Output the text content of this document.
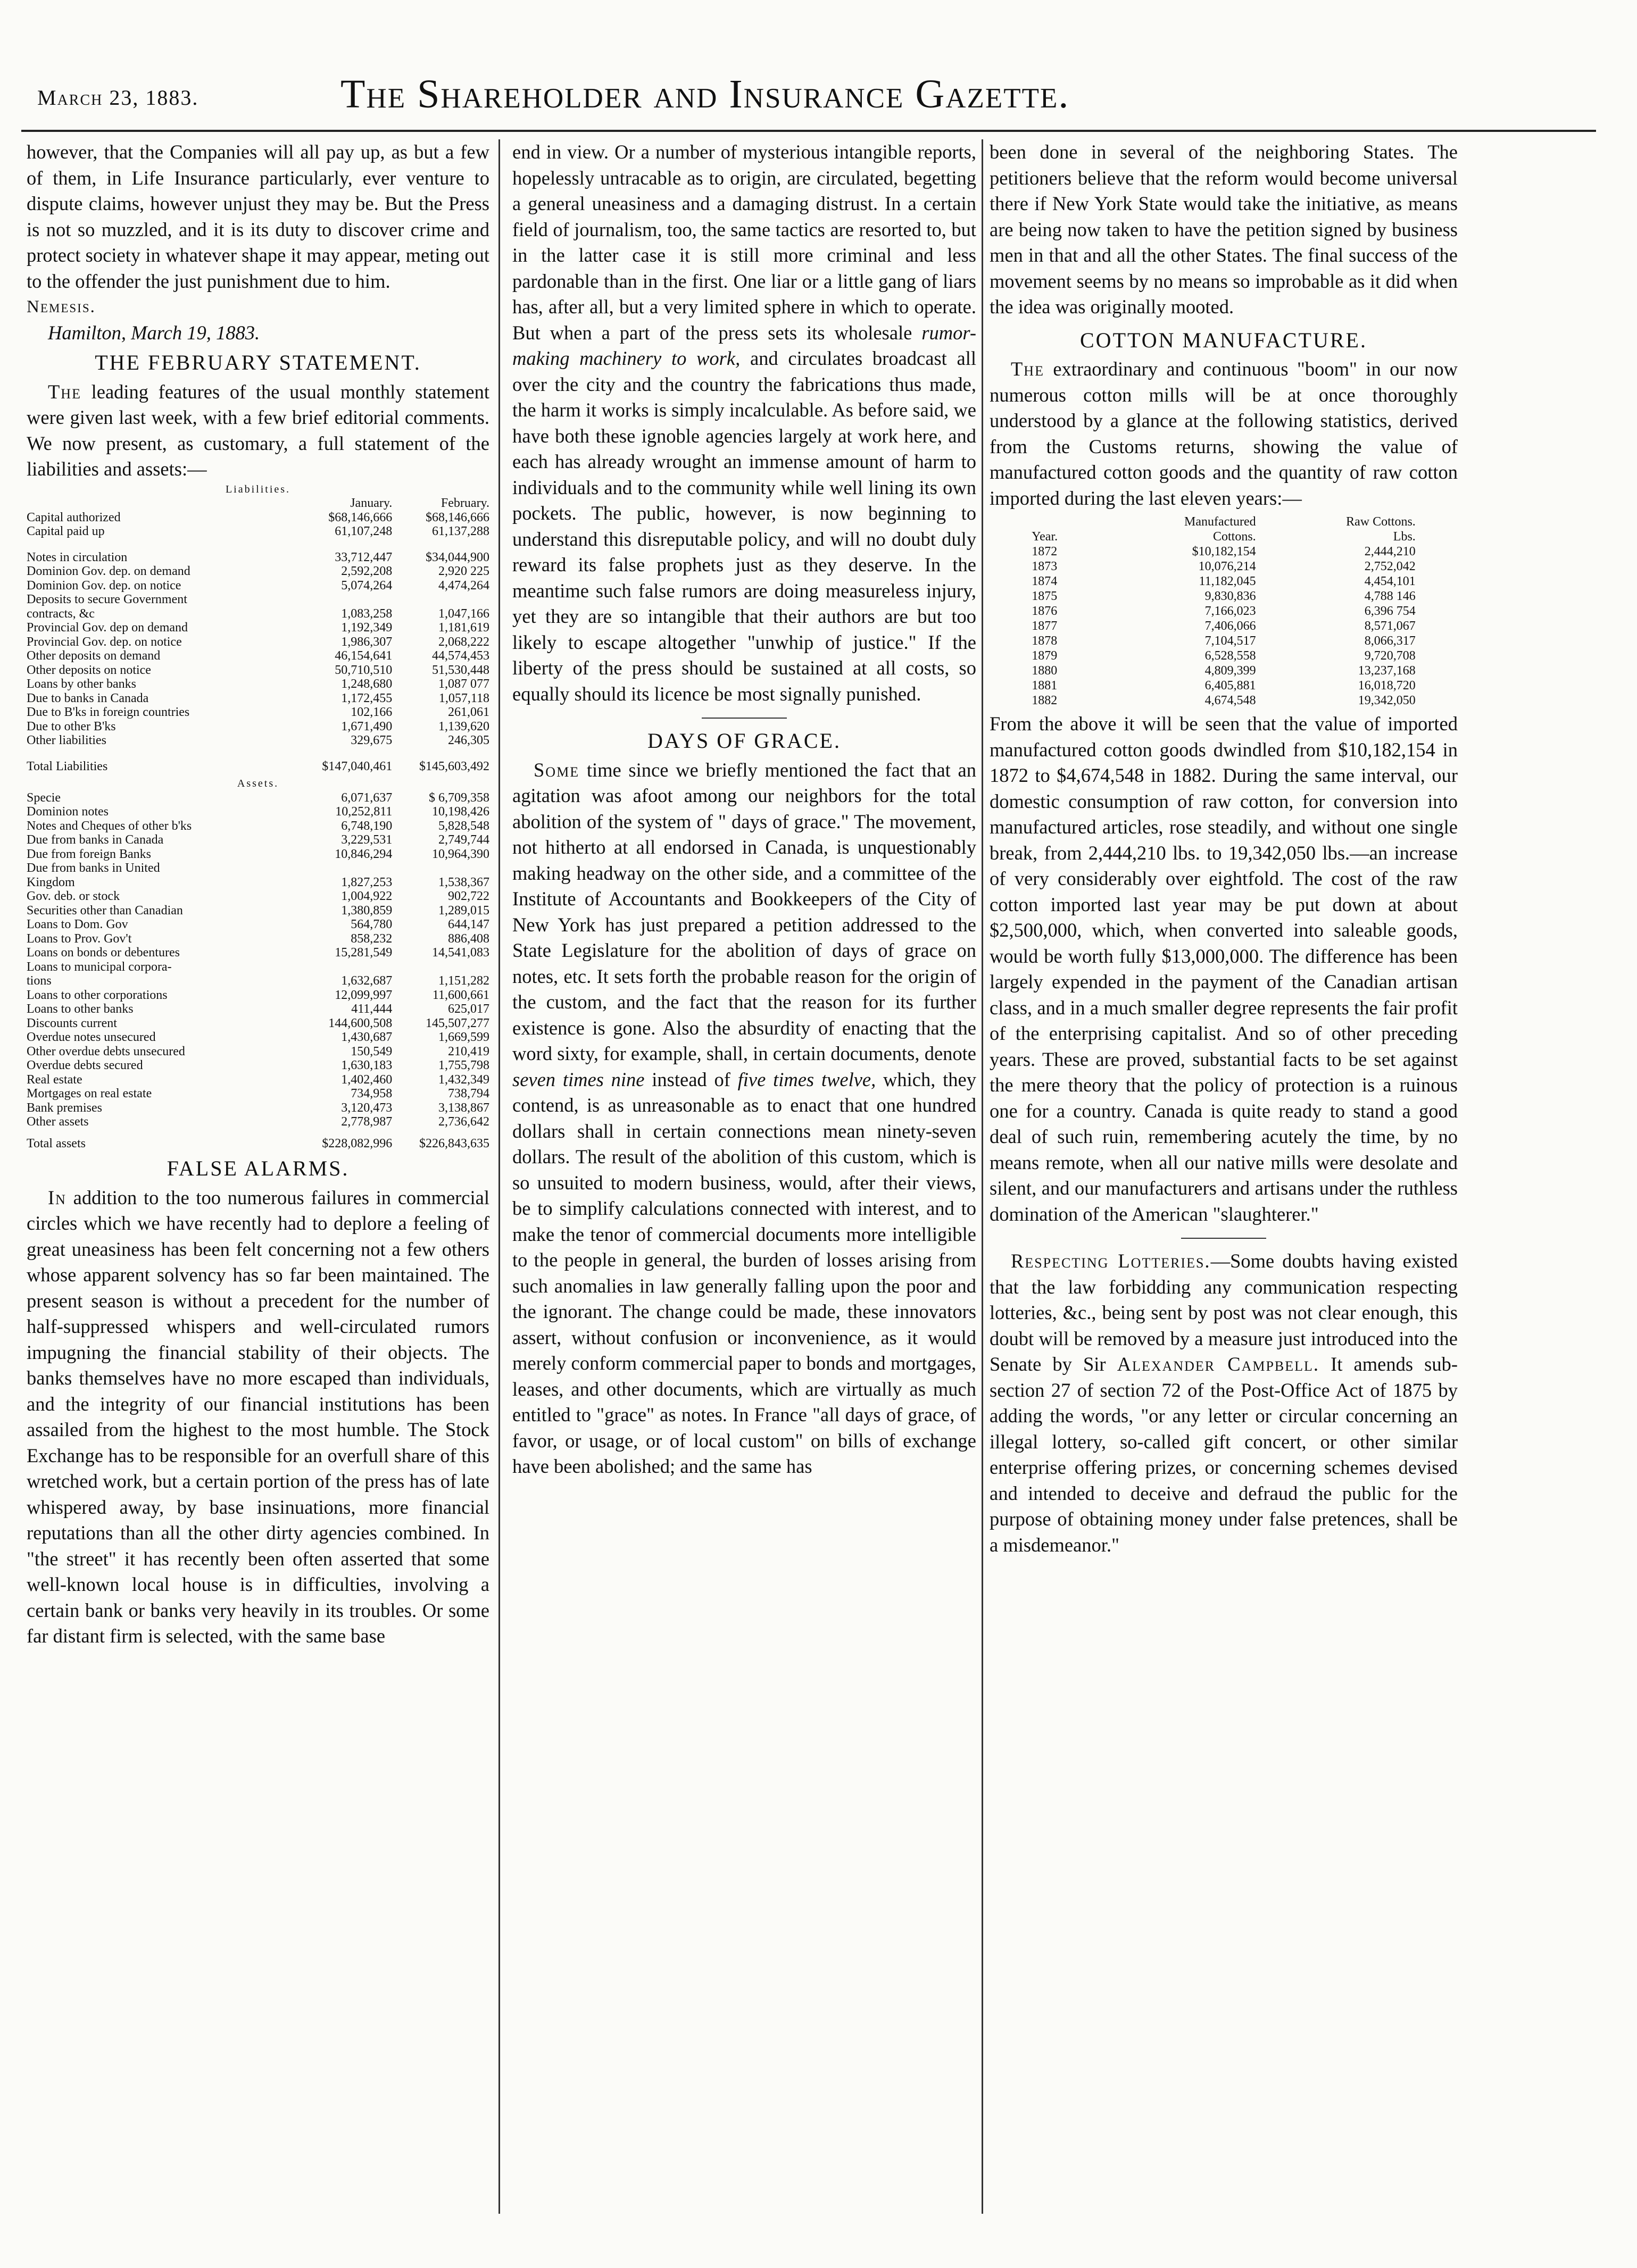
March 23, 1883.	The Shareholder and Insurance Gazette.

however, that the Companies will all pay up, as but a few of them, in Life Insurance particularly, ever venture to dispute claims, however unjust they may be. But the Press is not so muzzled, and it is its duty to discover crime and protect society in whatever shape it may appear, meting out to the offender the just punishment due to him.

Nemesis.

Hamilton, March 19, 1883.

THE FEBRUARY STATEMENT.

The leading features of the usual monthly statement were given last week, with a few brief editorial comments. We now present, as customary, a full statement of the liabilities and assets:—

Liabilities.		
	January.	February.
Capital authorized	$68,146,666	$68,146,666
Capital paid up	61,107,248	61,137,288

Notes in circulation	33,712,447	$34,044,900
Dominion Gov. dep. on demand	2,592,208	2,920 225
Dominion Gov. dep. on notice	5,074,264	4,474,264
Deposits to secure Government		
contracts, &c	1,083,258	1,047,166
Provincial Gov. dep on demand	1,192,349	1,181,619
Provincial Gov. dep. on notice	1,986,307	2,068,222
Other deposits on demand	46,154,641	44,574,453
Other deposits on notice	50,710,510	51,530,448
Loans by other banks	1,248,680	1,087 077
Due to banks in Canada	1,172,455	1,057,118
Due to B'ks in foreign countries	102,166	261,061
Due to other B'ks	1,671,490	1,139,620
Other liabilities	329,675	246,305

Total Liabilities	$147,040,461	$145,603,492
Assets.		
Specie	6,071,637	$ 6,709,358
Dominion notes	10,252,811	10,198,426
Notes and Cheques of other b'ks	6,748,190	5,828,548
Due from banks in Canada	3,229,531	2,749,744
Due from foreign Banks	10,846,294	10,964,390
Due from banks in United		
Kingdom	1,827,253	1,538,367
Gov. deb. or stock	1,004,922	902,722
Securities other than Canadian	1,380,859	1,289,015
Loans to Dom. Gov	564,780	644,147
Loans to Prov. Gov't	858,232	886,408
Loans on bonds or debentures	15,281,549	14,541,083
Loans to municipal corpora-		
tions	1,632,687	1,151,282
Loans to other corporations	12,099,997	11,600,661
Loans to other banks	411,444	625,017
Discounts current	144,600,508	145,507,277
Overdue notes unsecured	1,430,687	1,669,599
Other overdue debts unsecured	150,549	210,419
Overdue debts secured	1,630,183	1,755,798
Real estate	1,402,460	1,432,349
Mortgages on real estate	734,958	738,794
Bank premises	3,120,473	3,138,867
Other assets	2,778,987	2,736,642
Total assets	$228,082,996	$226,843,635
FALSE ALARMS.

In addition to the too numerous failures in commercial circles which we have recently had to deplore a feeling of great uneasiness has been felt concerning not a few others whose apparent solvency has so far been maintained. The present season is without a precedent for the number of half-suppressed whispers and well-circulated rumors impugning the financial stability of their objects. The banks themselves have no more escaped than individuals, and the integrity of our financial institutions has been assailed from the highest to the most humble. The Stock Exchange has to be responsible for an overfull share of this wretched work, but a certain portion of the press has of late whispered away, by base insinuations, more financial reputations than all the other dirty agencies combined. In "the street" it has recently been often asserted that some well-known local house is in difficulties, involving a certain bank or banks very heavily in its troubles. Or some far distant firm is selected, with the same base

end in view. Or a number of mysterious intangible reports, hopelessly untracable as to origin, are circulated, begetting a general uneasiness and a damaging distrust. In a certain field of journalism, too, the same tactics are resorted to, but in the latter case it is still more criminal and less pardonable than in the first. One liar or a little gang of liars has, after all, but a very limited sphere in which to operate. But when a part of the press sets its wholesale rumor-making machinery to work, and circulates broadcast all over the city and the country the fabrications thus made, the harm it works is simply incalculable. As before said, we have both these ignoble agencies largely at work here, and each has already wrought an immense amount of harm to individuals and to the community while well lining its own pockets. The public, however, is now beginning to understand this disreputable policy, and will no doubt duly reward its false prophets just as they deserve. In the meantime such false rumors are doing measureless injury, yet they are so intangible that their authors are but too likely to escape altogether "unwhip of justice." If the liberty of the press should be sustained at all costs, so equally should its licence be most signally punished.

DAYS OF GRACE.

Some time since we briefly mentioned the fact that an agitation was afoot among our neighbors for the total abolition of the system of " days of grace." The movement, not hitherto at all endorsed in Canada, is unquestionably making headway on the other side, and a committee of the Institute of Accountants and Bookkeepers of the City of New York has just prepared a petition addressed to the State Legislature for the abolition of days of grace on notes, etc. It sets forth the probable reason for the origin of the custom, and the fact that the reason for its further existence is gone. Also the absurdity of enacting that the word sixty, for example, shall, in certain documents, denote seven times nine instead of five times twelve, which, they contend, is as unreasonable as to enact that one hundred dollars shall in certain connections mean ninety-seven dollars. The result of the abolition of this custom, which is so unsuited to modern business, would, after their views, be to simplify calculations connected with interest, and to make the tenor of commercial documents more intelligible to the people in general, the burden of losses arising from such anomalies in law generally falling upon the poor and the ignorant. The change could be made, these innovators assert, without confusion or inconvenience, as it would merely conform commercial paper to bonds and mortgages, leases, and other documents, which are virtually as much entitled to "grace" as notes. In France "all days of grace, of favor, or usage, or of local custom" on bills of exchange have been abolished; and the same has

been done in several of the neighboring States. The petitioners believe that the reform would become universal there if New York State would take the initiative, as means are being now taken to have the petition signed by business men in that and all the other States. The final success of the movement seems by no means so improbable as it did when the idea was originally mooted.

COTTON MANUFACTURE.

The extraordinary and continuous "boom" in our now numerous cotton mills will be at once thoroughly understood by a glance at the following statistics, derived from the Customs returns, showing the value of manufactured cotton goods and the quantity of raw cotton imported during the last eleven years:—

	Manufactured	Raw Cottons.
Year.	Cottons.	Lbs.
1872	$10,182,154	2,444,210
1873	10,076,214	2,752,042
1874	11,182,045	4,454,101
1875	9,830,836	4,788 146
1876	7,166,023	6,396 754
1877	7,406,066	8,571,067
1878	7,104,517	8,066,317
1879	6,528,558	9,720,708
1880	4,809,399	13,237,168
1881	6,405,881	16,018,720
1882	4,674,548	19,342,050

From the above it will be seen that the value of imported manufactured cotton goods dwindled from $10,182,154 in 1872 to $4,674,548 in 1882. During the same interval, our domestic consumption of raw cotton, for conversion into manufactured articles, rose steadily, and without one single break, from 2,444,210 lbs. to 19,342,050 lbs.—an increase of very considerably over eightfold. The cost of the raw cotton imported last year may be put down at about $2,500,000, which, when converted into saleable goods, would be worth fully $13,000,000. The difference has been largely expended in the payment of the Canadian artisan class, and in a much smaller degree represents the fair profit of the enterprising capitalist. And so of other preceding years. These are proved, substantial facts to be set against the mere theory that the policy of protection is a ruinous one for a country. Canada is quite ready to stand a good deal of such ruin, remembering acutely the time, by no means remote, when all our native mills were desolate and silent, and our manufacturers and artisans under the ruthless domination of the American "slaughterer."

Respecting Lotteries.—Some doubts having existed that the law forbidding any communication respecting lotteries, &c., being sent by post was not clear enough, this doubt will be removed by a measure just introduced into the Senate by Sir Alexander Campbell. It amends sub-section 27 of section 72 of the Post-Office Act of 1875 by adding the words, "or any letter or circular concerning an illegal lottery, so-called gift concert, or other similar enterprise offering prizes, or concerning schemes devised and intended to deceive and defraud the public for the purpose of obtaining money under false pretences, shall be a misdemeanor."
